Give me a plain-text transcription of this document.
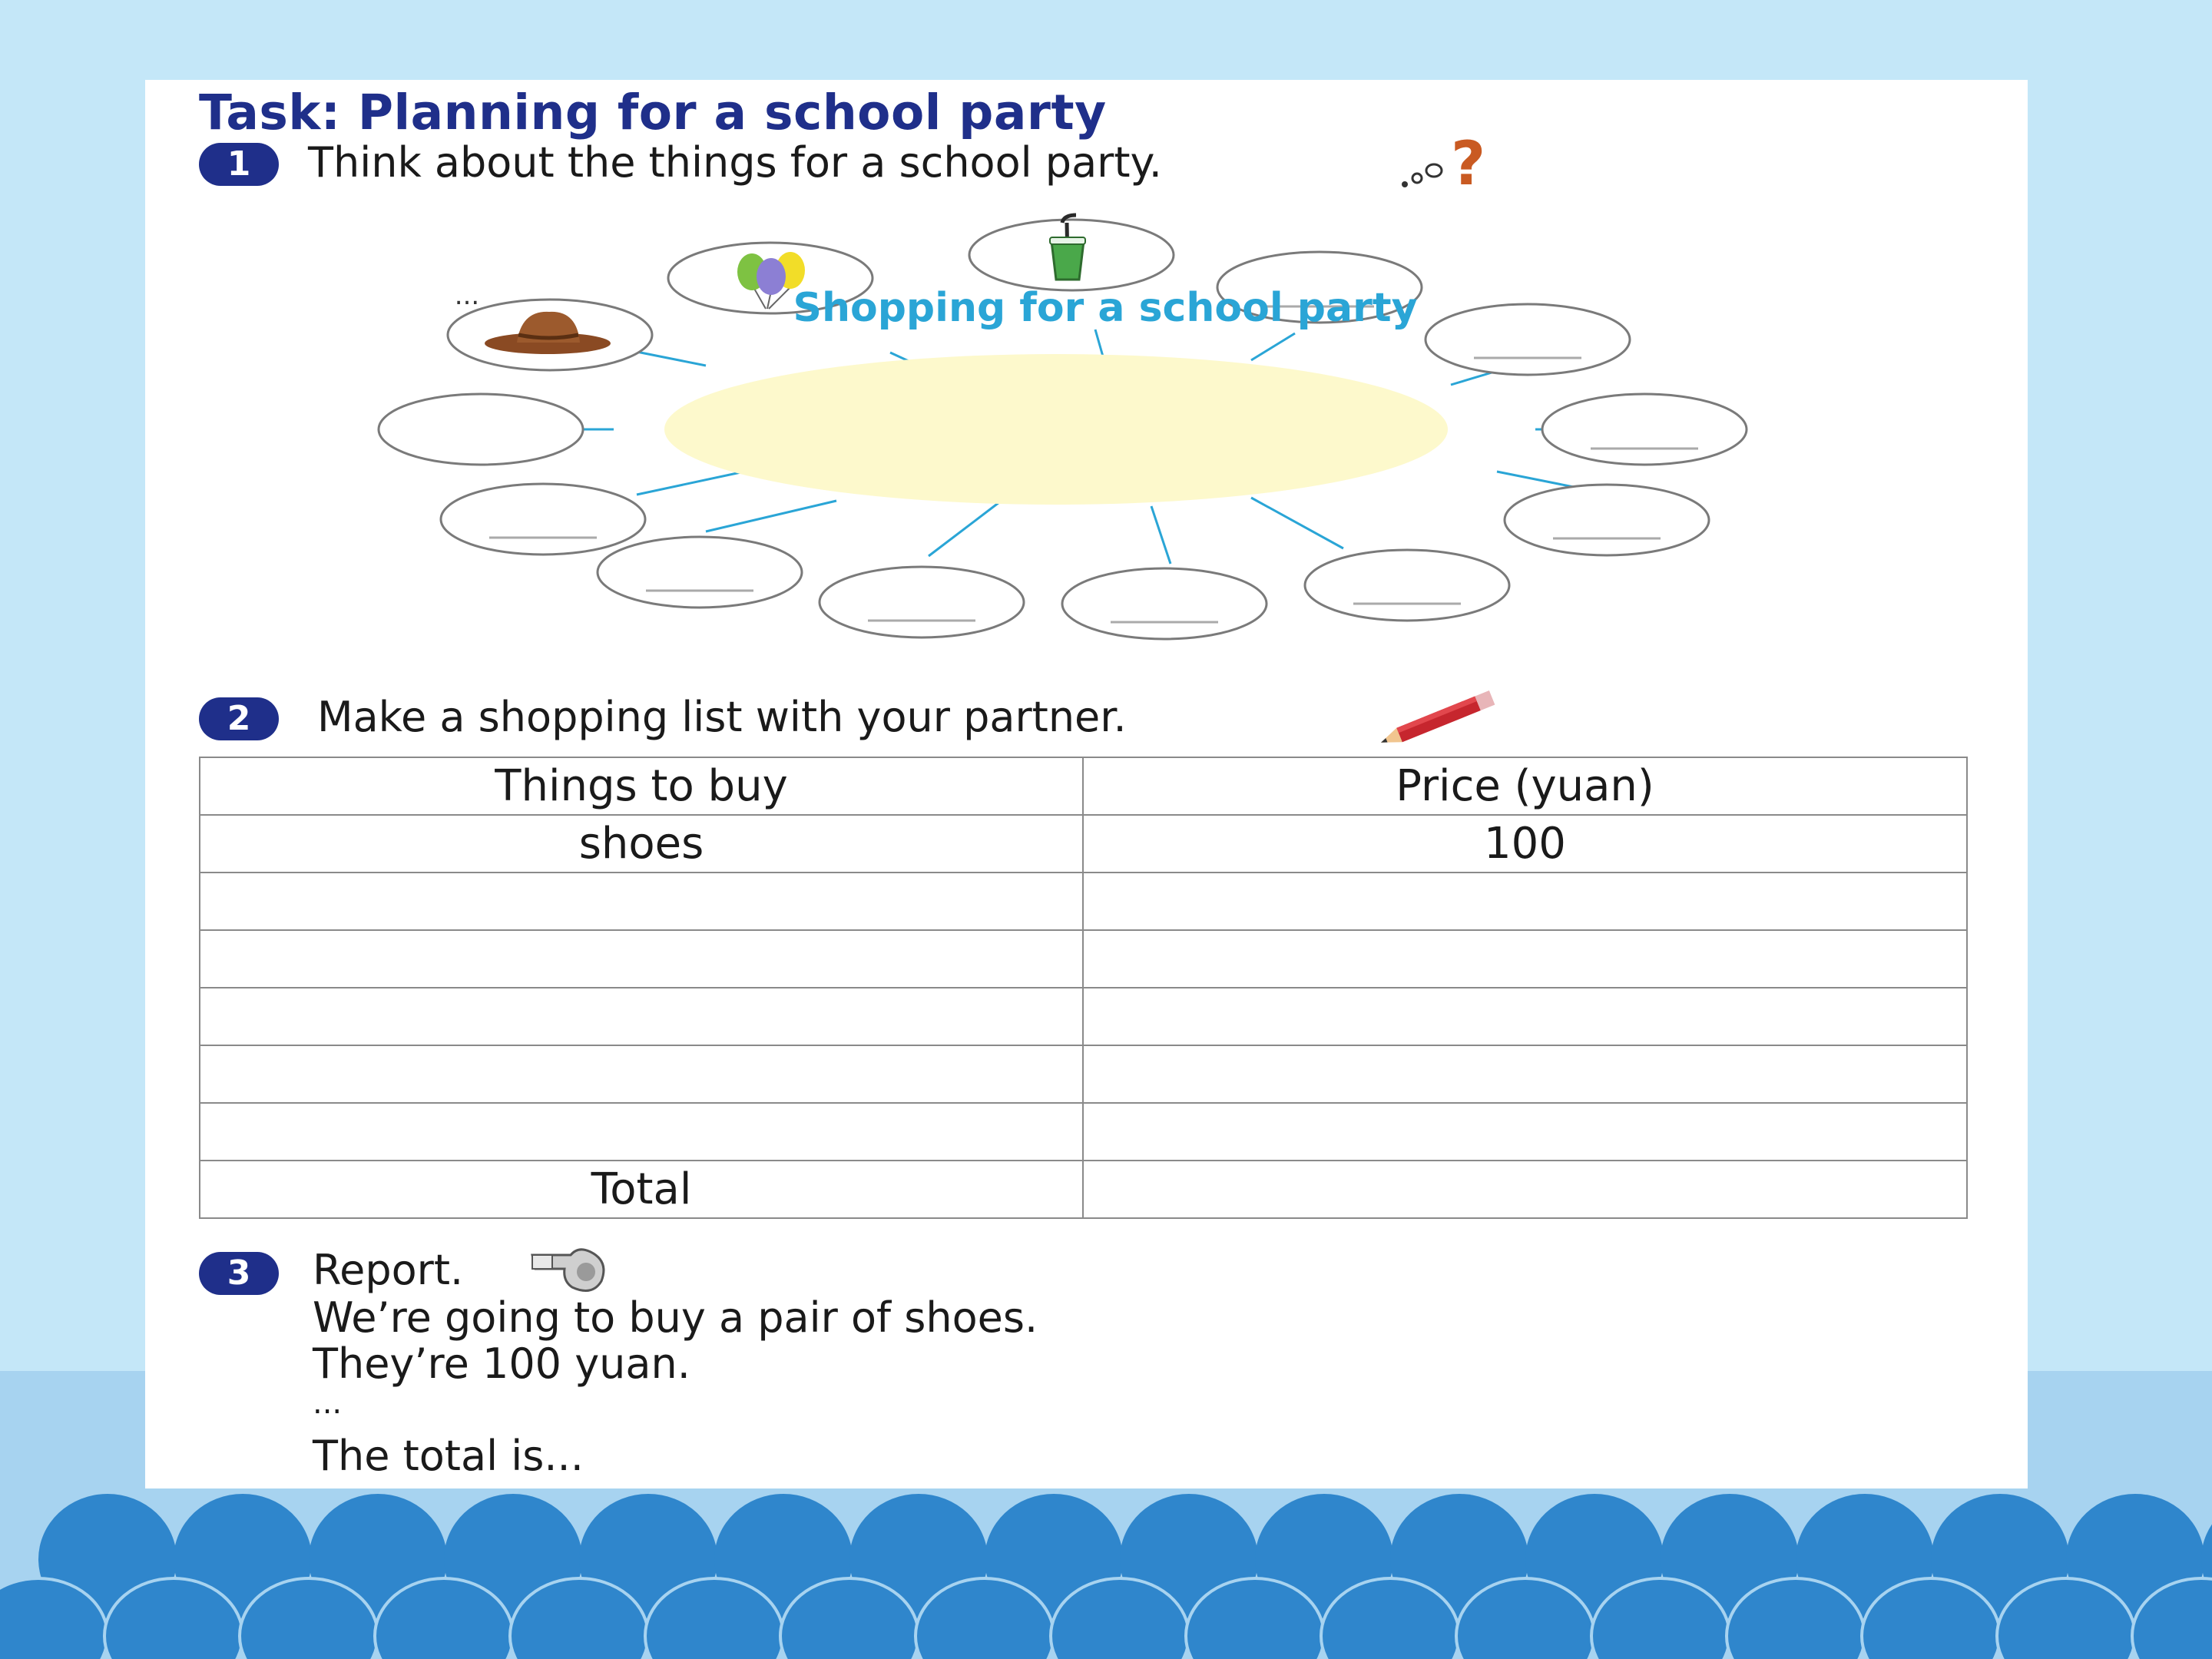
Task: Planning for a school party
1	Think about the things for a school party.	?
Shopping for a school party
...
2	Make a shopping list with your partner.
Things to buy	Price (yuan)
shoes	100

Total	
3	Report.
We’re going to buy a pair of shoes.
They’re 100 yuan.
...
The total is...
